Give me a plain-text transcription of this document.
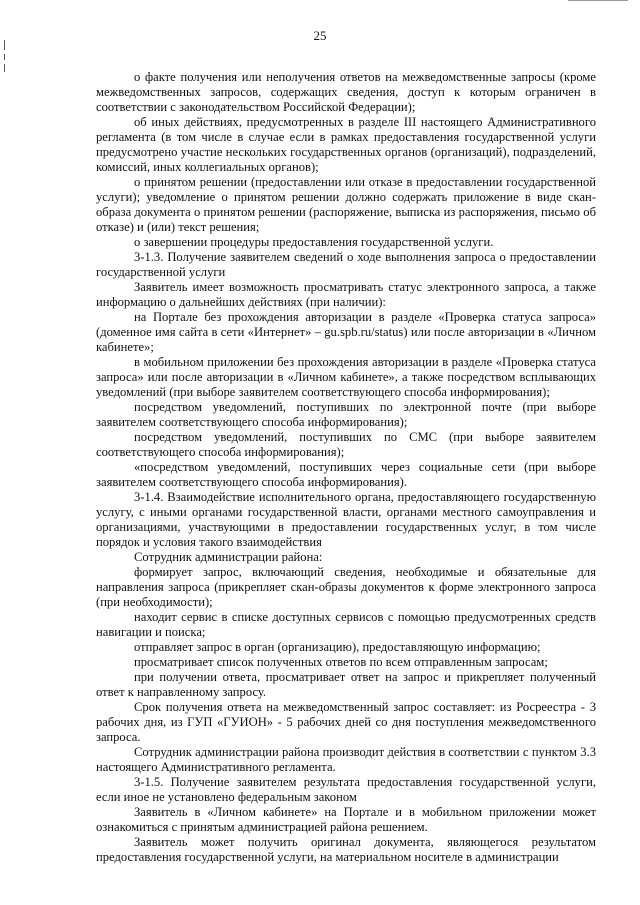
25

о факте получения или неполучения ответов на межведомственные запросы (кроме межведомственных запросов, содержащих сведения, доступ к которым ограничен в соответствии с законодательством Российской Федерации);

об иных действиях, предусмотренных в разделе III настоящего Административного регламента (в том числе в случае если в рамках предоставления государственной услуги предусмотрено участие нескольких государственных органов (организаций), подразделений, комиссий, иных коллегиальных органов);

о принятом решении (предоставлении или отказе в предоставлении государственной услуги); уведомление о принятом решении должно содержать приложение в виде скан-образа документа о принятом решении (распоряжение, выписка из распоряжения, письмо об отказе) и (или) текст решения;

о завершении процедуры предоставления государственной услуги.

3-1.3. Получение заявителем сведений о ходе выполнения запроса о предоставлении государственной услуги

Заявитель имеет возможность просматривать статус электронного запроса, а также информацию о дальнейших действиях (при наличии):

на Портале без прохождения авторизации в разделе «Проверка статуса запроса» (доменное имя сайта в сети «Интернет» – gu.spb.ru/status) или после авторизации в «Личном кабинете»;

в мобильном приложении без прохождения авторизации в разделе «Проверка статуса запроса» или после авторизации в «Личном кабинете», а также посредством всплывающих уведомлений (при выборе заявителем соответствующего способа информирования);

посредством уведомлений, поступивших по электронной почте (при выборе заявителем соответствующего способа информирования);

посредством уведомлений, поступивших по СМС (при выборе заявителем соответствующего способа информирования);

«посредством уведомлений, поступивших через социальные сети (при выборе заявителем соответствующего способа информирования).

3-1.4. Взаимодействие исполнительного органа, предоставляющего государственную услугу, с иными органами государственной власти, органами местного самоуправления и организациями, участвующими в предоставлении государственных услуг, в том числе порядок и условия такого взаимодействия

Сотрудник администрации района:

формирует запрос, включающий сведения, необходимые и обязательные для направления запроса (прикрепляет скан-образы документов к форме электронного запроса (при необходимости);

находит сервис в списке доступных сервисов с помощью предусмотренных средств навигации и поиска;

отправляет запрос в орган (организацию), предоставляющую информацию;

просматривает список полученных ответов по всем отправленным запросам;

при получении ответа, просматривает ответ на запрос и прикрепляет полученный ответ к направленному запросу.

Срок получения ответа на межведомственный запрос составляет: из Росреестра - 3 рабочих дня, из ГУП «ГУИОН» - 5 рабочих дней со дня поступления межведомственного запроса.

Сотрудник администрации района производит действия в соответствии с пунктом 3.3 настоящего Административного регламента.

3-1.5. Получение заявителем результата предоставления государственной услуги, если иное не установлено федеральным законом

Заявитель в «Личном кабинете» на Портале и в мобильном приложении может ознакомиться с принятым администрацией района решением.

Заявитель может получить оригинал документа, являющегося результатом предоставления государственной услуги, на материальном носителе в администрации
